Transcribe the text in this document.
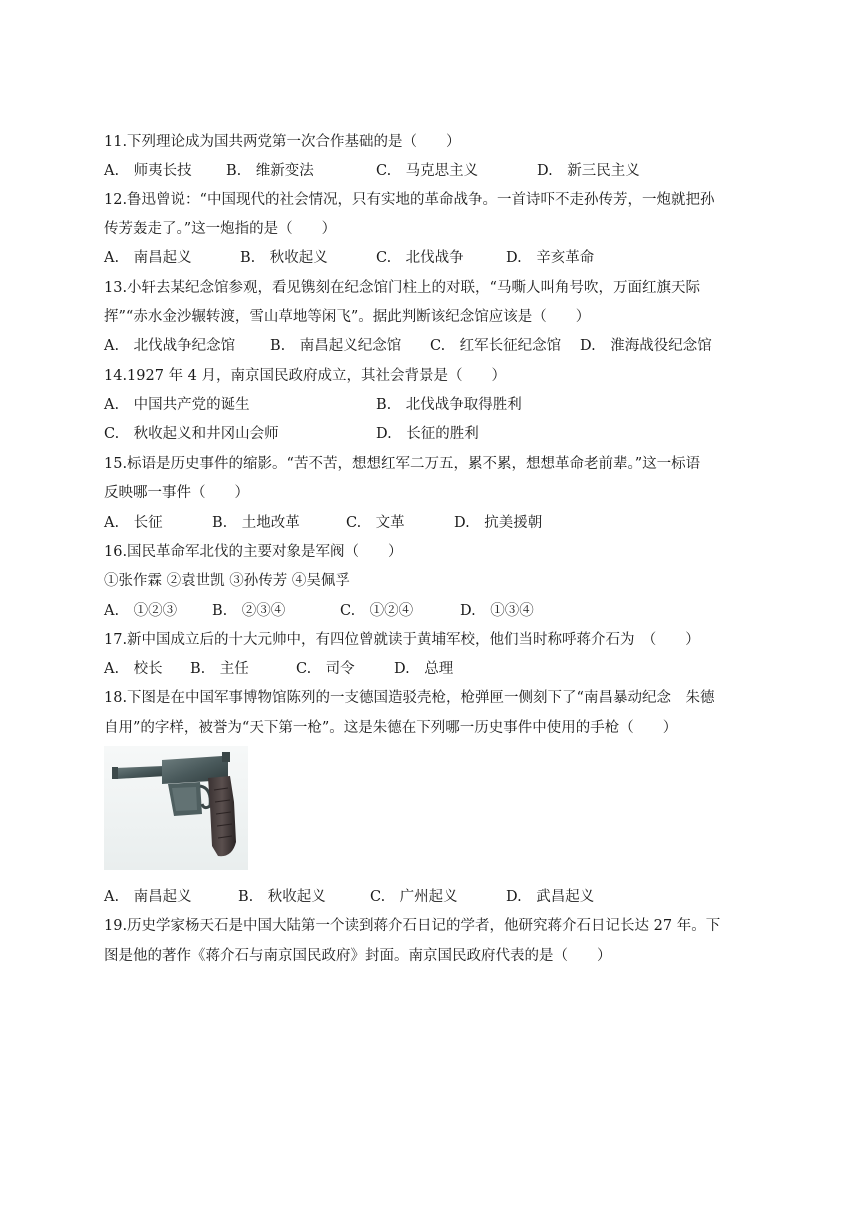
11.下列理论成为国共两党第一次合作基础的是（　　）
A.　师夷长技 B.　维新变法	C.　马克思主义	D.　新三民主义
12.鲁迅曾说：“中国现代的社会情况，只有实地的革命战争。一首诗吓不走孙传芳，一炮就把孙
传芳轰走了。”这一炮指的是（　　）
A.　南昌起义	B.　秋收起义	C.　北伐战争	D.　辛亥革命
13.小轩去某纪念馆参观，看见镌刻在纪念馆门柱上的对联，“马嘶人叫角号吹，万面红旗天际
挥”“赤水金沙辗转渡，雪山草地等闲飞”。据此判断该纪念馆应该是（　　）
A.　北伐战争纪念馆 B.　南昌起义纪念馆 C.　红军长征纪念馆 D.　淮海战役纪念馆
14.1927 年 4 月，南京国民政府成立，其社会背景是（　　）
A.　中国共产党的诞生	B.　北伐战争取得胜利
C.　秋收起义和井冈山会师	D.　长征的胜利
15.标语是历史事件的缩影。“苦不苦，想想红军二万五，累不累，想想革命老前辈。”这一标语
反映哪一事件（　　）
A.　长征	B.　土地改革	C.　文革	D.　抗美援朝
16.国民革命军北伐的主要对象是军阀（　　）
①张作霖 ②袁世凯 ③孙传芳 ④吴佩孚
A.　①②③ B.　②③④	C.　①②④	D.　①③④
17.新中国成立后的十大元帅中，有四位曾就读于黄埔军校，他们当时称呼蒋介石为　（　　）
A.　校长 B.　主任	C.　司令	D.　总理
18.下图是在中国军事博物馆陈列的一支德国造驳壳枪，枪弹匣一侧刻下了“南昌暴动纪念　朱德
自用”的字样，被誉为“天下第一枪”。这是朱德在下列哪一历史事件中使用的手枪（　　）
A.　南昌起义	B.　秋收起义	C.　广州起义	D.　武昌起义
19.历史学家杨天石是中国大陆第一个读到蒋介石日记的学者，他研究蒋介石日记长达 27 年。下
图是他的著作《蒋介石与南京国民政府》封面。南京国民政府代表的是（　　）
